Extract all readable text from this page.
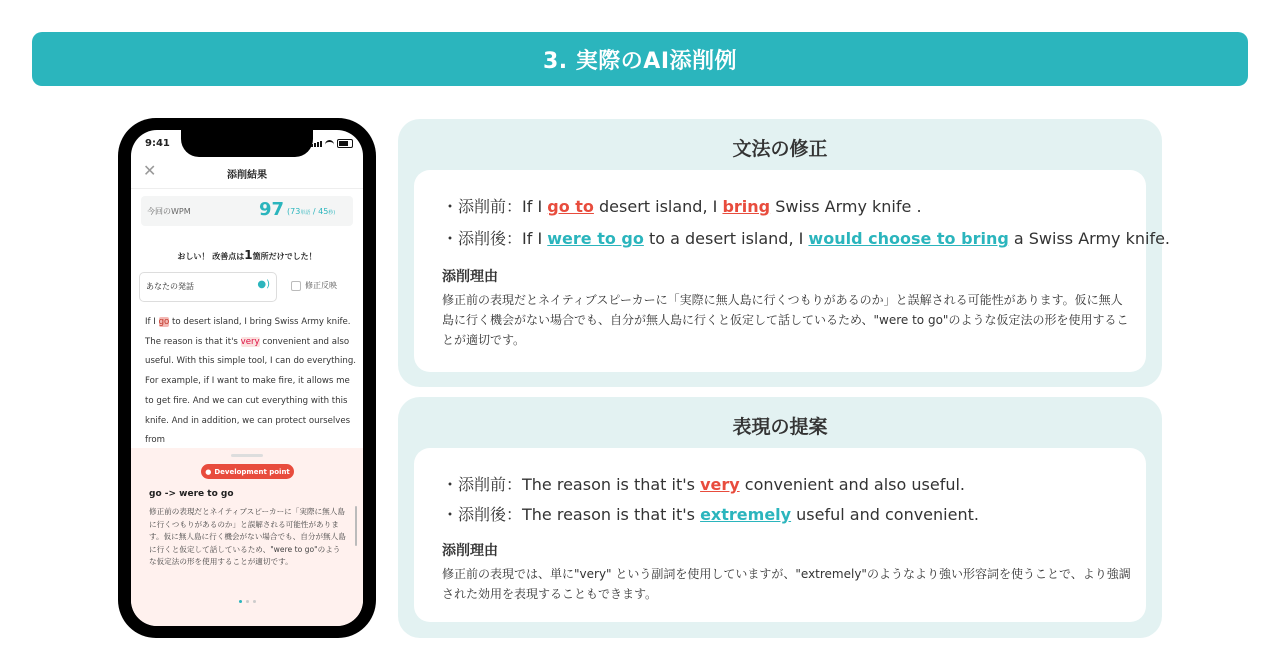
3. 実際のAI添削例
9:41
✕	添削結果
今回のWPM	97 (73単語 / 45秒)
おしい！ 改善点は1箇所だけでした！
あなたの発話	●)	修正反映
If I go to desert island, I bring Swiss Army knife. The reason is that it's very convenient and also useful. With this simple tool, I can do everything. For example, if I want to make fire, it allows me to get fire. And we can cut everything with this knife. And in addition, we can protect ourselves from
● Development point
go -> were to go
修正前の表現だとネイティブスピーカーに「実際に無人島に行くつもりがあるのか」と誤解される可能性があります。仮に無人島に行く機会がない場合でも、自分が無人島に行くと仮定して話しているため、"were to go"のような仮定法の形を使用することが適切です。
文法の修正
・添削前：If I go to desert island, I bring Swiss Army knife .
・添削後：If I were to go to a desert island, I would choose to bring a Swiss Army knife.
添削理由
修正前の表現だとネイティブスピーカーに「実際に無人島に行くつもりがあるのか」と誤解される可能性があります。仮に無人島に行く機会がない場合でも、自分が無人島に行くと仮定して話しているため、"were to go"のような仮定法の形を使用することが適切です。
表現の提案
・添削前：The reason is that it's very convenient and also useful.
・添削後：The reason is that it's extremely useful and convenient.
添削理由
修正前の表現では、単に"very" という副詞を使用していますが、"extremely"のようなより強い形容詞を使うことで、より強調された効用を表現することもできます。
